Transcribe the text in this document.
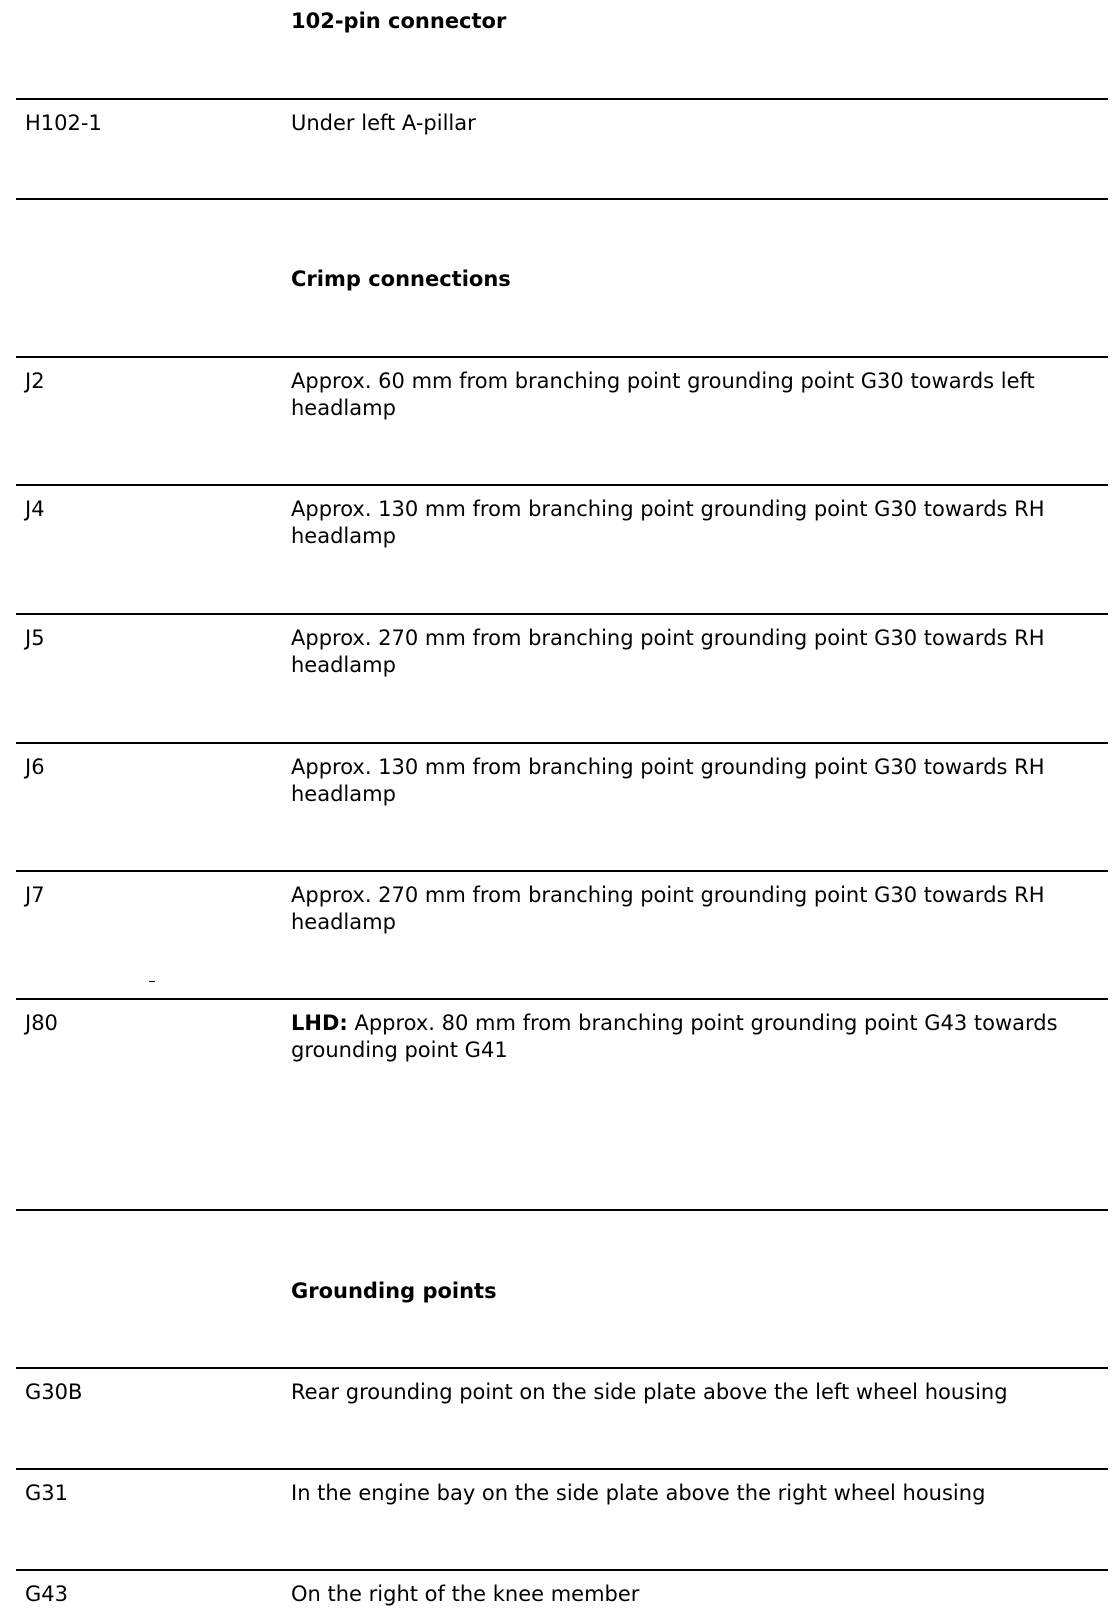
102-pin connector

H102-1	Under left A-pillar

Crimp connections

J2	Approx. 60 mm from branching point grounding point G30 towards left headlamp

J4	Approx. 130 mm from branching point grounding point G30 towards RH headlamp

J5	Approx. 270 mm from branching point grounding point G30 towards RH headlamp

J6	Approx. 130 mm from branching point grounding point G30 towards RH headlamp

J7	Approx. 270 mm from branching point grounding point G30 towards RH headlamp

J80	LHD: Approx. 80 mm from branching point grounding point G43 towards grounding point G41

Grounding points

G30B	Rear grounding point on the side plate above the left wheel housing

G31	In the engine bay on the side plate above the right wheel housing

G43	On the right of the knee member
